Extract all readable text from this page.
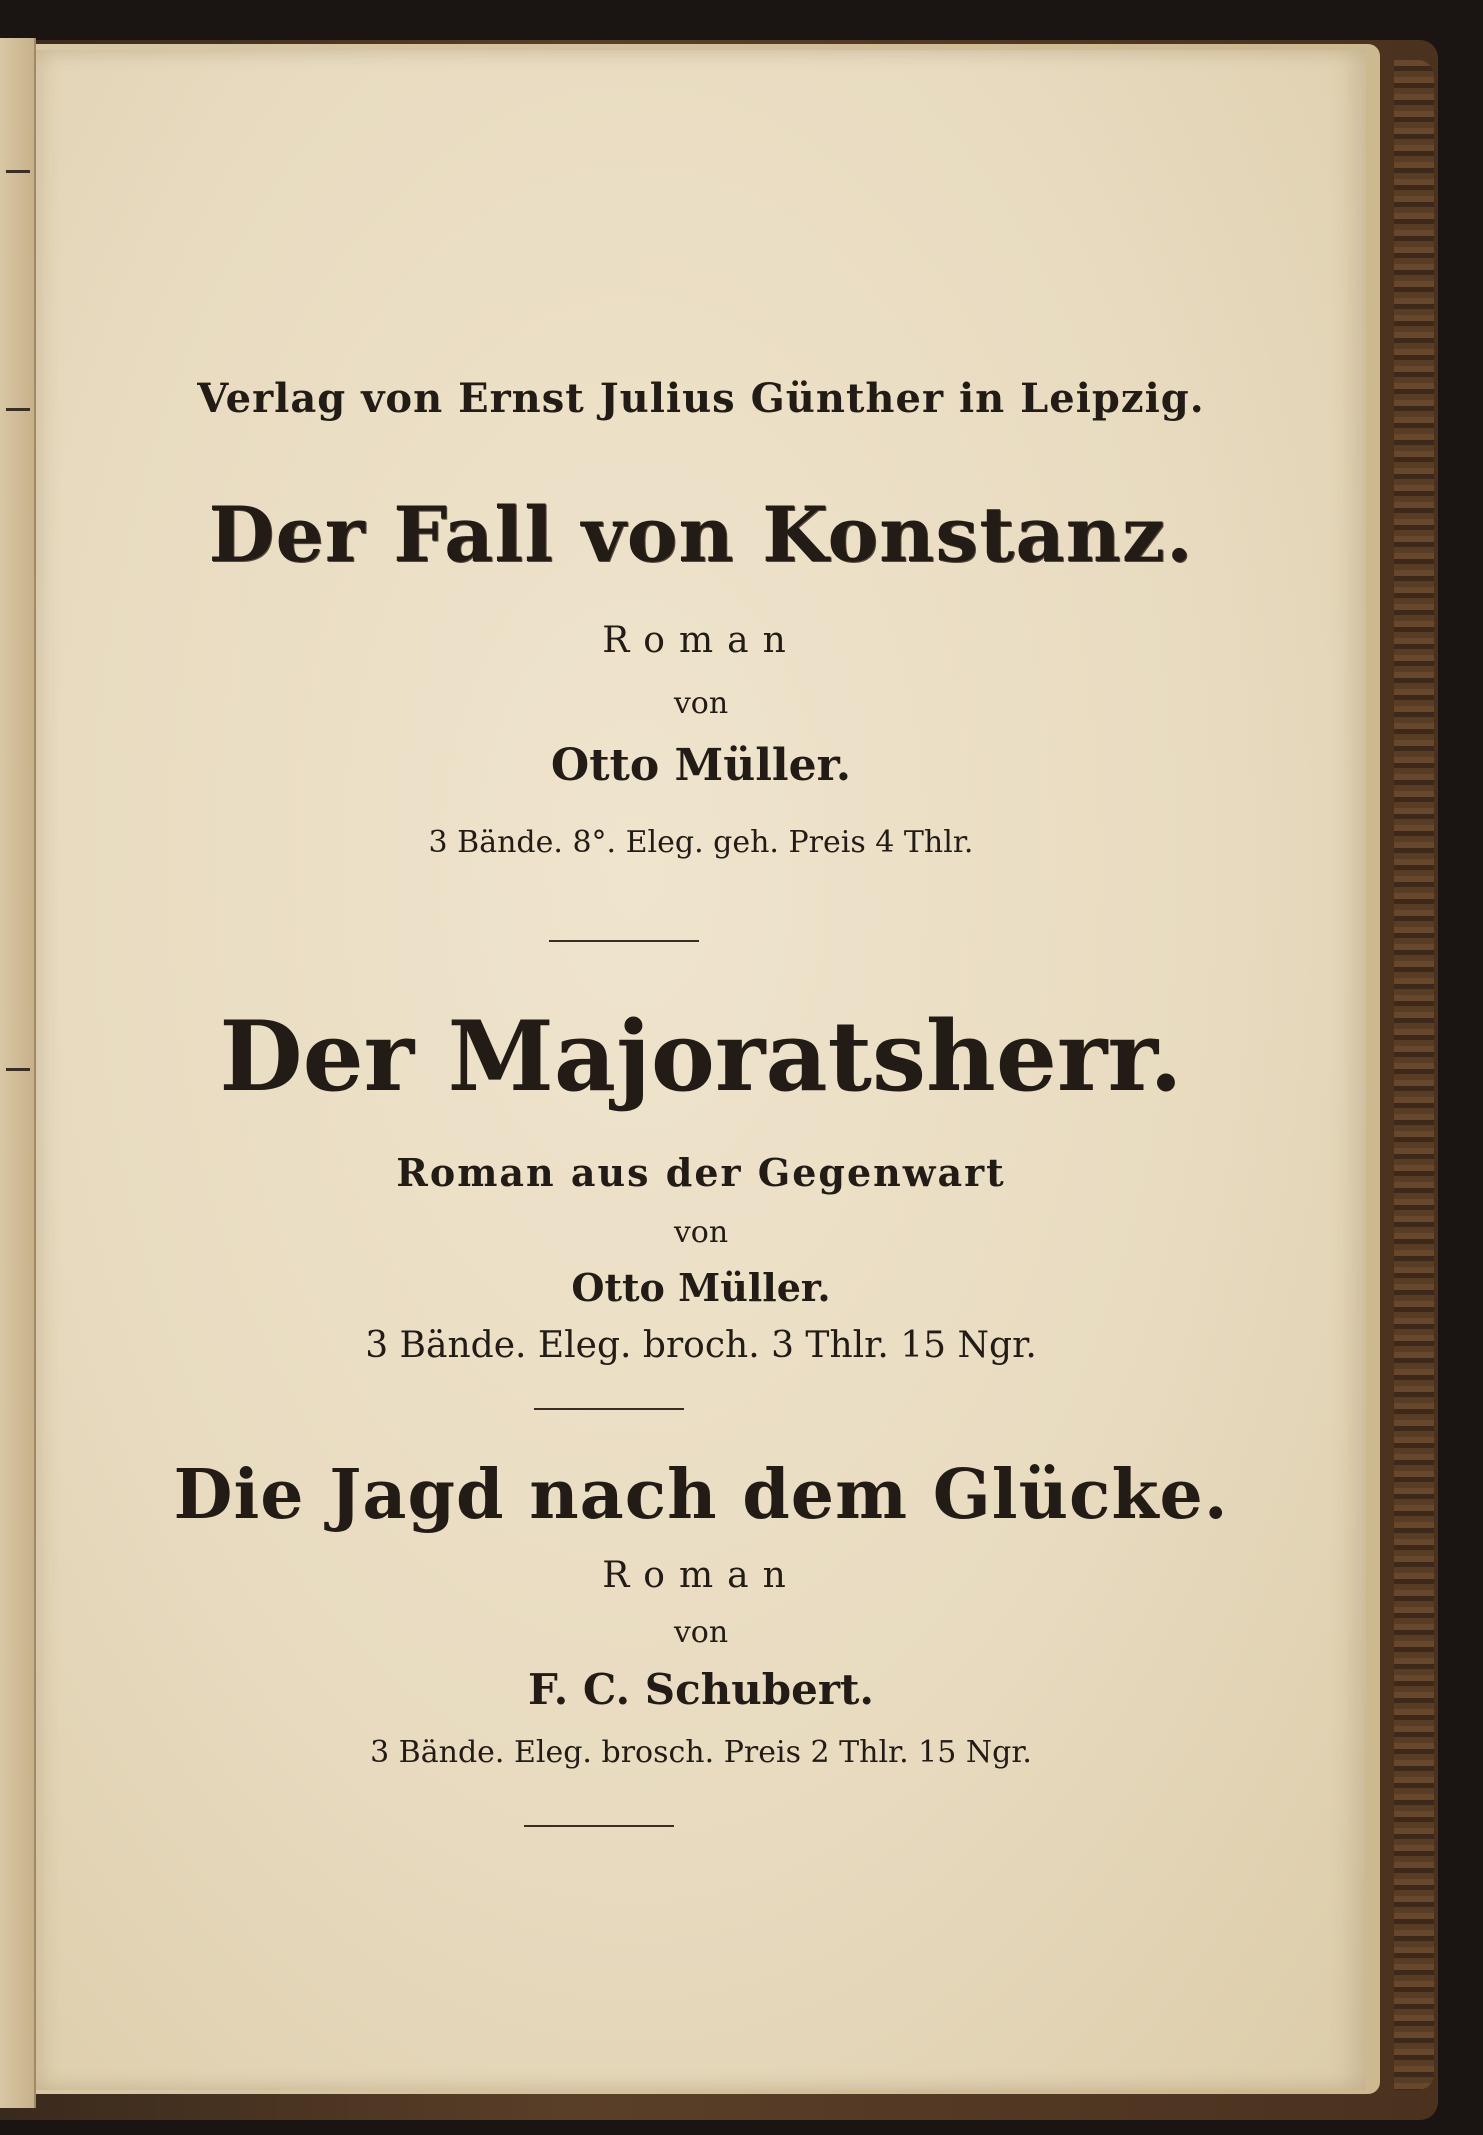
Verlag von Ernst Julius Günther in Leipzig.
Der Fall von Konstanz.
Roman
von
Otto Müller.
3 Bände. 8°. Eleg. geh. Preis 4 Thlr.
Der Majoratsherr.
Roman aus der Gegenwart
von
Otto Müller.
3 Bände. Eleg. broch. 3 Thlr. 15 Ngr.
Die Jagd nach dem Glücke.
Roman
von
F. C. Schubert.
3 Bände. Eleg. brosch. Preis 2 Thlr. 15 Ngr.
